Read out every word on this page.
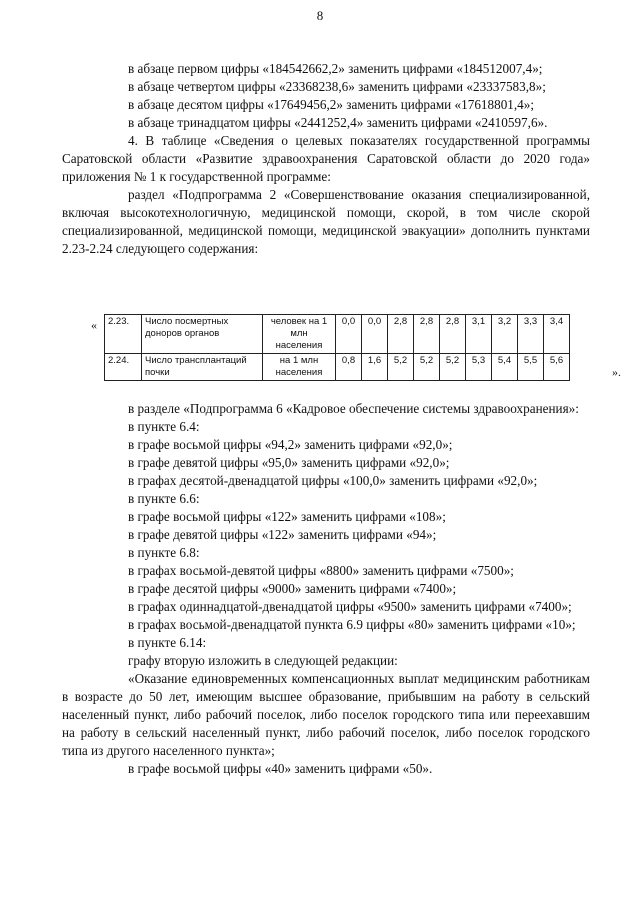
8

в абзаце первом цифры «184542662,2» заменить цифрами «184512007,4»;

в абзаце четвертом цифры «23368238,6» заменить цифрами «23337583,8»;

в абзаце десятом цифры «17649456,2» заменить цифрами «17618801,4»;

в абзаце тринадцатом цифры «2441252,4» заменить цифрами «2410597,6».

4. В таблице «Сведения о целевых показателях государственной программы Саратовской области «Развитие здравоохранения Саратовской области до 2020 года» приложения № 1 к государственной программе:

раздел «Подпрограмма 2 «Совершенствование оказания специализированной, включая высокотехнологичную, медицинской помощи, скорой, в том числе скорой специализированной, медицинской помощи, медицинской эвакуации» дополнить пунктами 2.23-2.24 следующего содержания:

« 2.23.	Число посмертных доноров органов	человек на 1 млн населения	0,0	0,0	2,8	2,8	2,8	3,1	3,2	3,3	3,4
2.24.	Число трансплантаций почки	на 1 млн населения	0,8	1,6	5,2	5,2	5,2	5,3	5,4	5,5	5,6
».

в разделе «Подпрограмма 6 «Кадровое обеспечение системы здравоохранения»:

в пункте 6.4:

в графе восьмой цифры «94,2» заменить цифрами «92,0»;

в графе девятой цифры «95,0» заменить цифрами «92,0»;

в графах десятой-двенадцатой цифры «100,0» заменить цифрами «92,0»;

в пункте 6.6:

в графе восьмой цифры «122» заменить цифрами «108»;

в графе девятой цифры «122» заменить цифрами «94»;

в пункте 6.8:

в графах восьмой-девятой цифры «8800» заменить цифрами «7500»;

в графе десятой цифры «9000» заменить цифрами «7400»;

в графах одиннадцатой-двенадцатой цифры «9500» заменить цифрами «7400»;

в графах восьмой-двенадцатой пункта 6.9 цифры «80» заменить цифрами «10»;

в пункте 6.14:

графу вторую изложить в следующей редакции:

«Оказание единовременных компенсационных выплат медицинским работникам в возрасте до 50 лет, имеющим высшее образование, прибывшим на работу в сельский населенный пункт, либо рабочий поселок, либо поселок городского типа или переехавшим на работу в сельский населенный пункт, либо рабочий поселок, либо поселок городского типа из другого населенного пункта»;

в графе восьмой цифры «40» заменить цифрами «50».
